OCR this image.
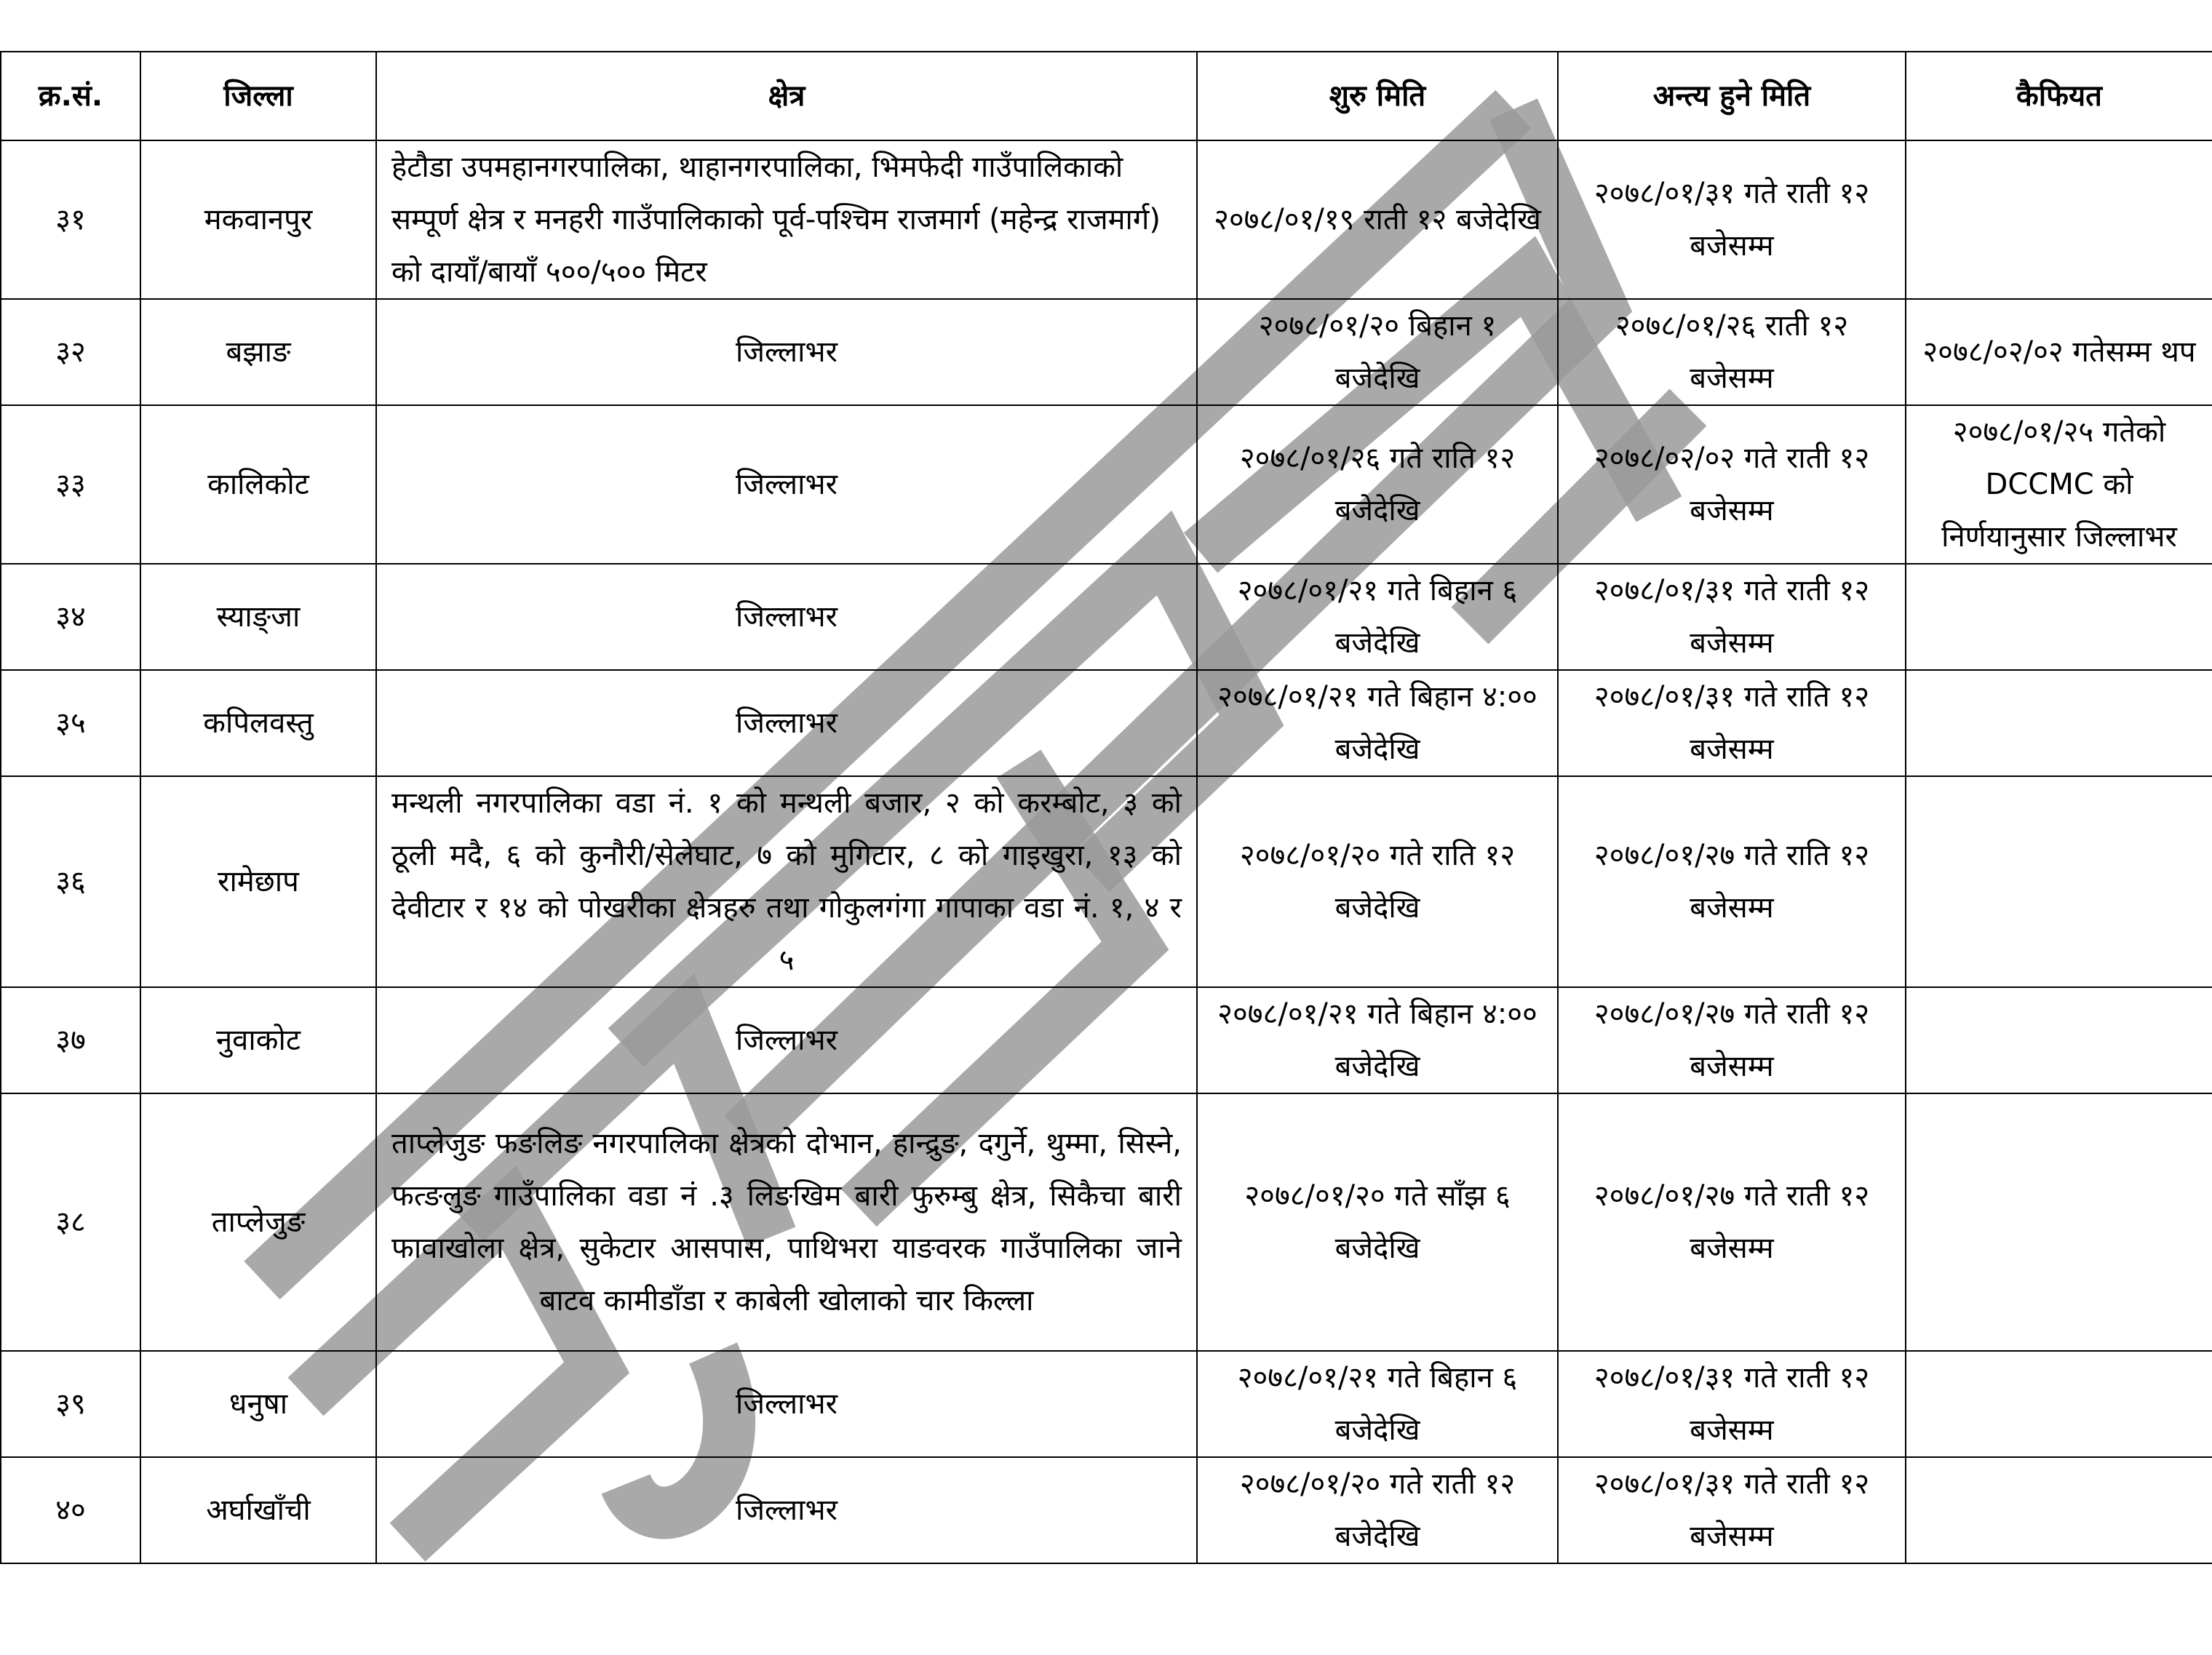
क्र.सं.	जिल्ला	क्षेत्र	शुरु मिति	अन्त्य हुने मिति	कैफियत
३१	मकवानपुर	हेटौडा उपमहानगरपालिका, थाहानगरपालिका, भिमफेदी गाउँपालिकाको सम्पूर्ण क्षेत्र र मनहरी गाउँपालिकाको पूर्व-पश्चिम राजमार्ग (महेन्द्र राजमार्ग) को दायाँ/बायाँ ५००/५०० मिटर	२०७८/०१/१९ राती १२ बजेदेखि	२०७८/०१/३१ गते राती १२ बजेसम्म	
३२	बझाङ	जिल्लाभर	२०७८/०१/२० बिहान १ बजेदेखि	२०७८/०१/२६ राती १२ बजेसम्म	२०७८/०२/०२ गतेसम्म थप
३३	कालिकोट	जिल्लाभर	२०७८/०१/२६ गते राति १२ बजेदेखि	२०७८/०२/०२ गते राती १२ बजेसम्म	२०७८/०१/२५ गतेको DCCMC को निर्णयानुसार जिल्लाभर
३४	स्याङ्जा	जिल्लाभर	२०७८/०१/२१ गते बिहान ६ बजेदेखि	२०७८/०१/३१ गते राती १२ बजेसम्म	
३५	कपिलवस्तु	जिल्लाभर	२०७८/०१/२१ गते बिहान ४:०० बजेदेखि	२०७८/०१/३१ गते राति १२ बजेसम्म	
३६	रामेछाप	मन्थली नगरपालिका वडा नं. १ को मन्थली बजार, २ को करम्बोट, ३ को ठूली मदै, ६ को कुनौरी/सेलेघाट, ७ को मुगिटार, ८ को गाइखुरा, १३ को देवीटार र १४ को पोखरीका क्षेत्रहरु तथा गोकुलगंगा गापाका वडा नं. १, ४ र ५	२०७८/०१/२० गते राति १२ बजेदेखि	२०७८/०१/२७ गते राति १२ बजेसम्म	
३७	नुवाकोट	जिल्लाभर	२०७८/०१/२१ गते बिहान ४:०० बजेदेखि	२०७८/०१/२७ गते राती १२ बजेसम्म	
३८	ताप्लेजुङ	ताप्लेजुङ फङलिङ नगरपालिका क्षेत्रको दोभान, हान्द्रुङ, दगुर्ने, थुम्मा, सिस्ने, फत्ङलुङ गाउँपालिका वडा नं .३ लिङखिम बारी फुरुम्बु क्षेत्र, सिकैचा बारी फावाखोला क्षेत्र, सुकेटार आसपास, पाथिभरा याङवरक गाउँपालिका जाने बाटव कामीडाँडा र काबेली खोलाको चार किल्ला	२०७८/०१/२० गते साँझ ६ बजेदेखि	२०७८/०१/२७ गते राती १२ बजेसम्म	
३९	धनुषा	जिल्लाभर	२०७८/०१/२१ गते बिहान ६ बजेदेखि	२०७८/०१/३१ गते राती १२ बजेसम्म	
४०	अर्घाखाँची	जिल्लाभर	२०७८/०१/२० गते राती १२ बजेदेखि	२०७८/०१/३१ गते राती १२ बजेसम्म	
